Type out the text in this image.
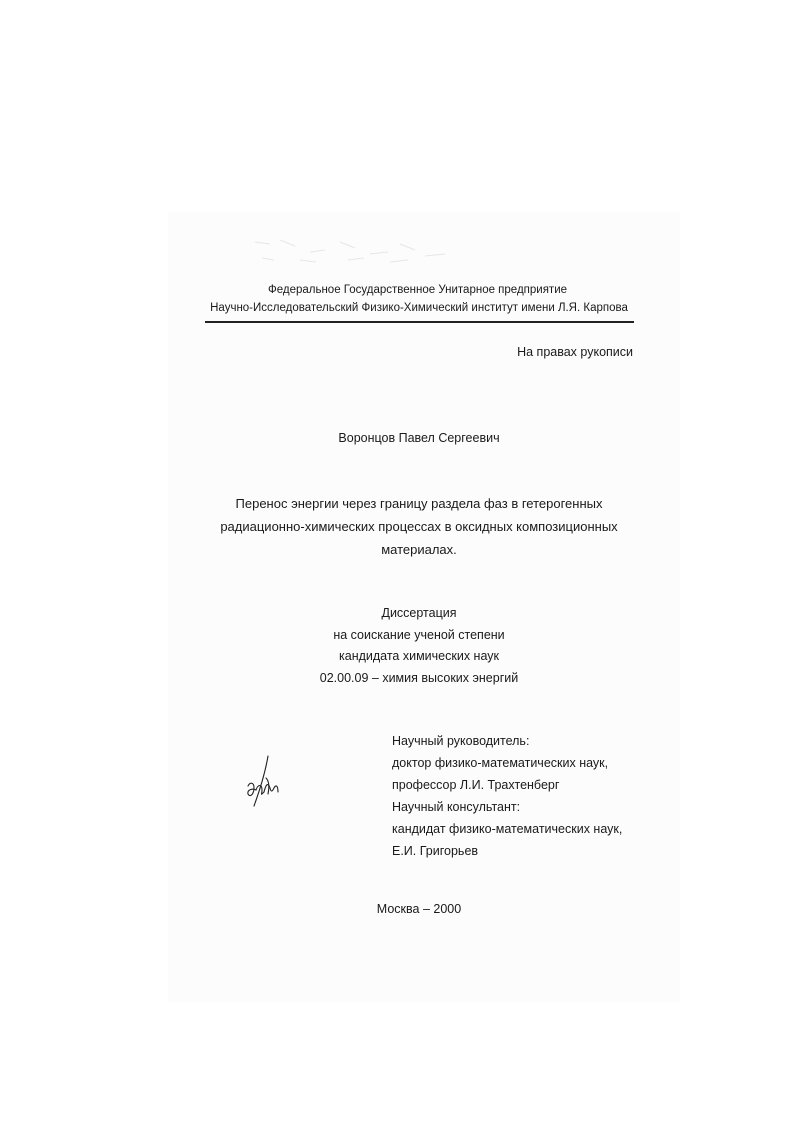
Федеральное Государственное Унитарное предприятие
Научно-Исследовательский Физико-Химический институт имени Л.Я. Карпова
На правах рукописи
Воронцов Павел Сергеевич
Перенос энергии через границу раздела фаз в гетерогенных
радиационно-химических процессах в оксидных композиционных
материалах.
Диссертация
на соискание ученой степени
кандидата химических наук
02.00.09 – химия высоких энергий
Научный руководитель:
доктор физико-математических наук,
профессор Л.И. Трахтенберг
Научный консультант:
кандидат физико-математических наук,
Е.И. Григорьев
Москва – 2000
